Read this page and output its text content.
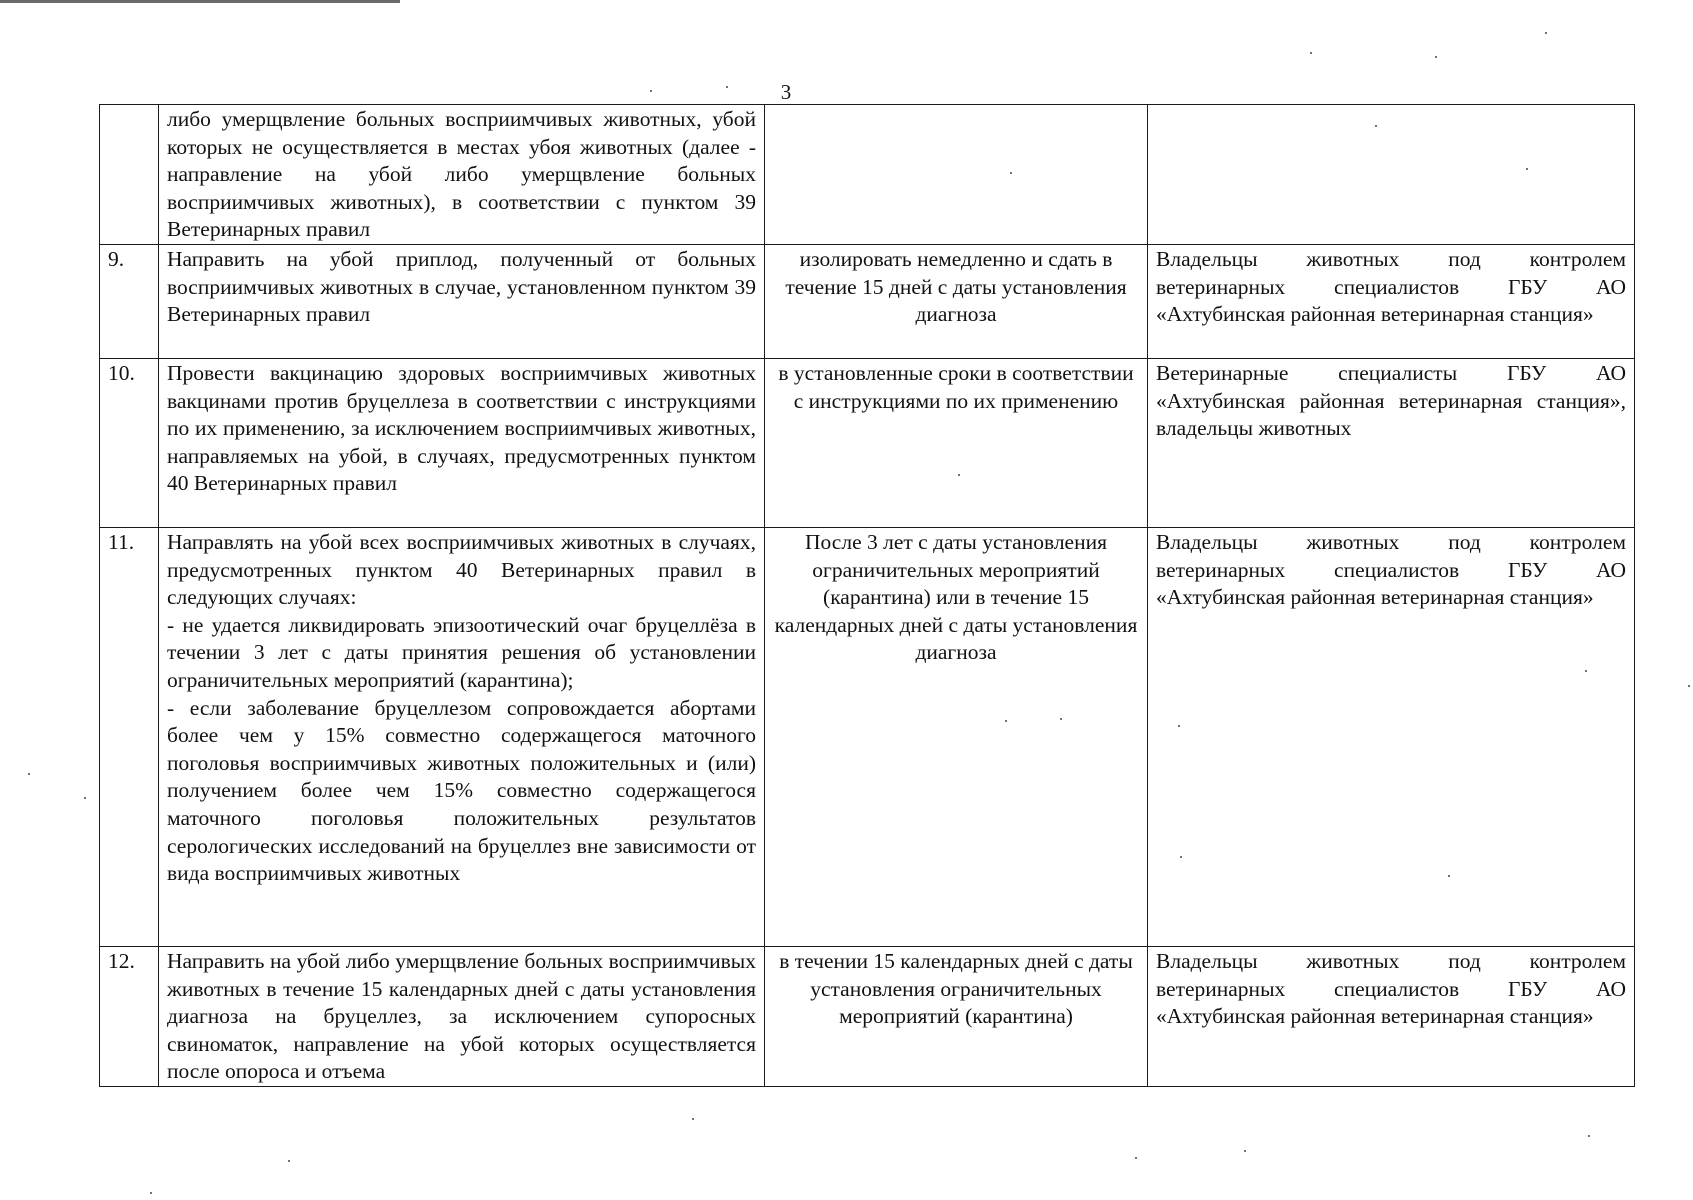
3

	либо умерщвление больных восприимчивых животных, убой которых не осуществляется в местах убоя животных (далее - направление на убой либо умерщвление больных восприимчивых животных), в соответствии с пунктом 39 Ветеринарных правил		

9.	Направить на убой приплод, полученный от больных восприимчивых животных в случае, установленном пунктом 39 Ветеринарных правил	изолировать немедленно и сдать в течение 15 дней с даты установления диагноза	Владельцы животных под контролем ветеринарных специалистов ГБУ АО «Ахтубинская районная ветеринарная станция»
10.	Провести вакцинацию здоровых восприимчивых животных вакцинами против бруцеллеза в соответствии с инструкциями по их применению, за исключением восприимчивых животных, направляемых на убой, в случаях, предусмотренных пунктом 40 Ветеринарных правил	в установленные сроки в соответствии с инструкциями по их применению	Ветеринарные специалисты ГБУ АО «Ахтубинская районная ветеринарная станция», владельцы животных
11.	Направлять на убой всех восприимчивых животных в случаях, предусмотренных пунктом 40 Ветеринарных правил в следующих случаях:

- не удается ликвидировать эпизоотический очаг бруцеллёза в течении 3 лет с даты принятия решения об установлении ограничительных мероприятий (карантина);

- если заболевание бруцеллезом сопровождается абортами более чем у 15% совместно содержащегося маточного поголовья восприимчивых животных положительных и (или) получением более чем 15% совместно содержащегося маточного поголовья положительных результатов серологических исследований на бруцеллез вне зависимости от вида восприимчивых животных	После 3 лет с даты установления ограничительных мероприятий (карантина) или в течение 15 календарных дней с даты установления диагноза	Владельцы животных под контролем ветеринарных специалистов ГБУ АО «Ахтубинская районная ветеринарная станция»
12.	Направить на убой либо умерщвление больных восприимчивых животных в течение 15 календарных дней с даты установления диагноза на бруцеллез, за исключением супоросных свиноматок, направление на убой которых осуществляется после опороса и отъема	в течении 15 календарных дней с даты установления ограничительных мероприятий (карантина)	Владельцы животных под контролем ветеринарных специалистов ГБУ АО «Ахтубинская районная ветеринарная станция»
